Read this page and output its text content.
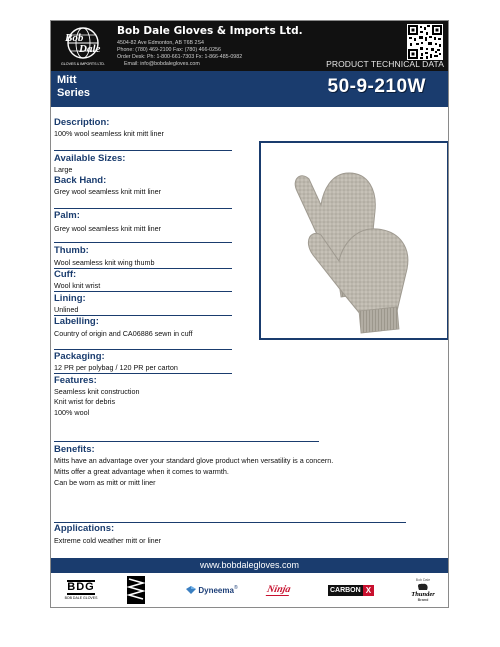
Bob
Dale
GLOVES & IMPORTS LTD.
Bob Dale Gloves & Imports Ltd.
4504-82 Ave Edmonton, AB T6B 2S4
Phone: (780) 469-2100 Fax: (780) 466-0256
Order Desk: Ph: 1-800-661-7303 Fx: 1-866-485-0982
Email: info@bobdalegloves.com	PRODUCT TECHNICAL DATA
Mitt
Series	50-9-210W
Description:
100% wool seamless knit mitt liner
Available Sizes:
Large
Back Hand:
Grey wool seamless knit mitt liner
Palm:
Grey wool seamless knit mitt liner
Thumb:
Wool seamless knit wing thumb
Cuff:
Wool knit wrist
Lining:
Unlined
Labelling:
Country of origin and CA06886 sewn in cuff
Packaging:
12 PR per polybag / 120 PR per carton
Features:
Seamless knit construction
Knit wrist for debris
100% wool
Benefits:
Mitts have an advantage over your standard glove product when versatility is a concern.
Mitts offer a great advantage when it comes to warmth.
Can be worn as mitt or mitt liner
Applications:
Extreme cold weather mitt or liner
www.bobdalegloves.com
BDG
BOB DALE GLOVES
Dyneema ®	Ninja	CARBON X
Bob Dale
Thunder
Brand
